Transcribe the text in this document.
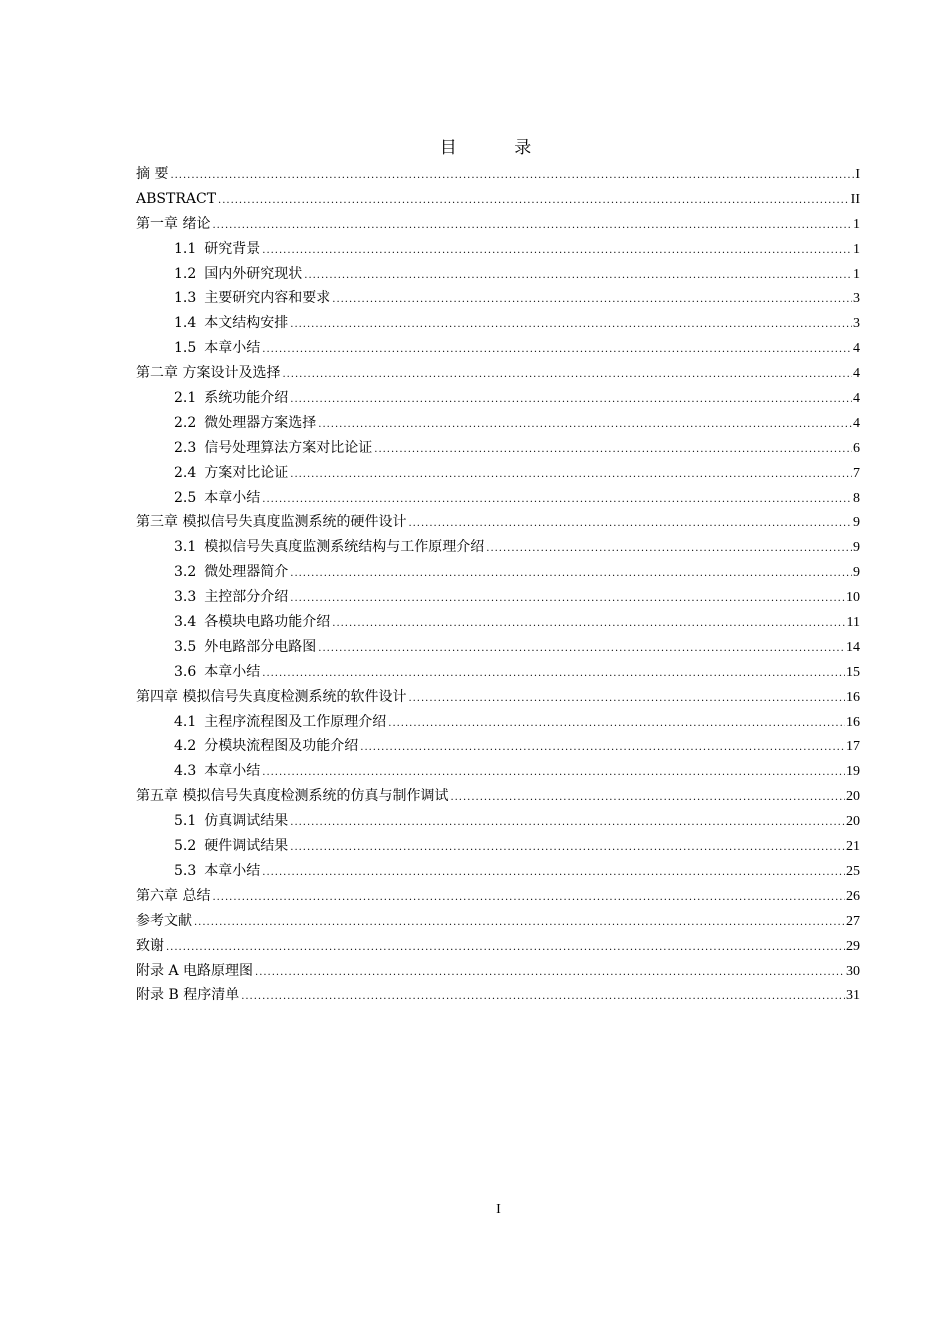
目 录
摘 要 .....	I
ABSTRACT .....	II
第一章 绪论 .....	1
1.1 研究背景 .....	1
1.2 国内外研究现状 .....	1
1.3 主要研究内容和要求 .....	3
1.4 本文结构安排 .....	3
1.5 本章小结 .....	4
第二章 方案设计及选择 .....	4
2.1 系统功能介绍 .....	4
2.2 微处理器方案选择 .....	4
2.3 信号处理算法方案对比论证 .....	6
2.4 方案对比论证 .....	7
2.5 本章小结 .....	8
第三章 模拟信号失真度监测系统的硬件设计 .....	9
3.1 模拟信号失真度监测系统结构与工作原理介绍 .....	9
3.2 微处理器简介 .....	9
3.3 主控部分介绍 .....	10
3.4 各模块电路功能介绍 .....	11
3.5 外电路部分电路图 .....	14
3.6 本章小结 .....	15
第四章 模拟信号失真度检测系统的软件设计 .....	16
4.1 主程序流程图及工作原理介绍 .....	16
4.2 分模块流程图及功能介绍 .....	17
4.3 本章小结 .....	19
第五章 模拟信号失真度检测系统的仿真与制作调试 .....	20
5.1 仿真调试结果 .....	20
5.2 硬件调试结果 .....	21
5.3 本章小结 .....	25
第六章 总结 .....	26
参考文献 .....	27
致谢 .....	29
附录 A 电路原理图 .....	30
附录 B 程序清单 .....	31
I
